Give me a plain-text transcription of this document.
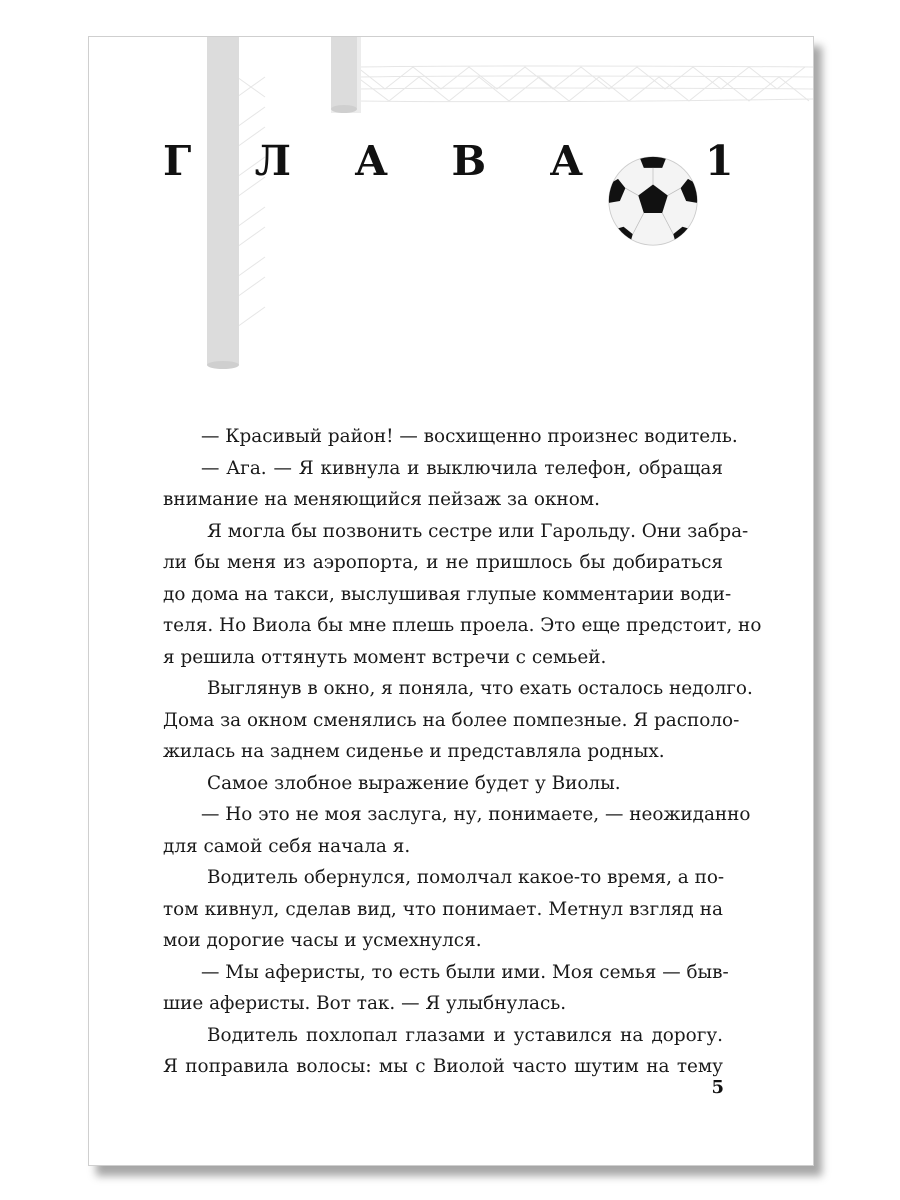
Г Л А В А	1

— Красивый район! — восхищенно произнес водитель.

— Ага. — Я кивнула и выключила телефон, обращая

внимание на меняющийся пейзаж за окном.

Я могла бы позвонить сестре или Гарольду. Они забра-

ли бы меня из аэропорта, и не пришлось бы добираться

до дома на такси, выслушивая глупые комментарии води-

теля. Но Виола бы мне плешь проела. Это еще предстоит, но

я решила оттянуть момент встречи с семьей.

Выглянув в окно, я поняла, что ехать осталось недолго.

Дома за окном сменялись на более помпезные. Я располо-

жилась на заднем сиденье и представляла родных.

Самое злобное выражение будет у Виолы.

— Но это не моя заслуга, ну, понимаете, — неожиданно

для самой себя начала я.

Водитель обернулся, помолчал какое-то время, а по-

том кивнул, сделав вид, что понимает. Метнул взгляд на

мои дорогие часы и усмехнулся.

— Мы аферисты, то есть были ими. Моя семья — быв-

шие аферисты. Вот так. — Я улыбнулась.

Водитель похлопал глазами и уставился на дорогу.

Я поправила волосы: мы с Виолой часто шутим на тему

5
